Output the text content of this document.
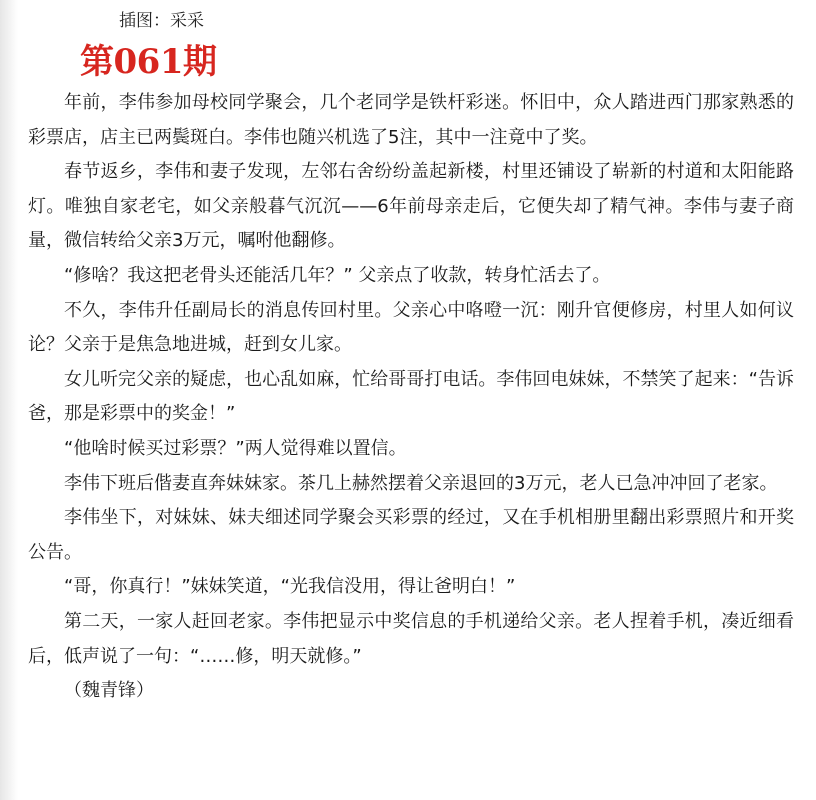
插图：采采
第061期

年前，李伟参加母校同学聚会，几个老同学是铁杆彩迷。怀旧中，众人踏进西门那家熟悉的彩票店，店主已两鬓斑白。李伟也随兴机选了5注，其中一注竟中了奖。

春节返乡，李伟和妻子发现，左邻右舍纷纷盖起新楼，村里还铺设了崭新的村道和太阳能路灯。唯独自家老宅，如父亲般暮气沉沉——6年前母亲走后，它便失却了精气神。李伟与妻子商量，微信转给父亲3万元，嘱咐他翻修。

“修啥？我这把老骨头还能活几年？” 父亲点了收款，转身忙活去了。

不久，李伟升任副局长的消息传回村里。父亲心中咯噔一沉：刚升官便修房，村里人如何议论？父亲于是焦急地进城，赶到女儿家。

女儿听完父亲的疑虑，也心乱如麻，忙给哥哥打电话。李伟回电妹妹，不禁笑了起来：“告诉爸，那是彩票中的奖金！”

“他啥时候买过彩票？”两人觉得难以置信。

李伟下班后偕妻直奔妹妹家。茶几上赫然摆着父亲退回的3万元，老人已急冲冲回了老家。

李伟坐下，对妹妹、妹夫细述同学聚会买彩票的经过，又在手机相册里翻出彩票照片和开奖公告。

“哥，你真行！”妹妹笑道，“光我信没用，得让爸明白！”

第二天，一家人赶回老家。李伟把显示中奖信息的手机递给父亲。老人捏着手机，凑近细看后，低声说了一句：“……修，明天就修。”

（魏青锋）
